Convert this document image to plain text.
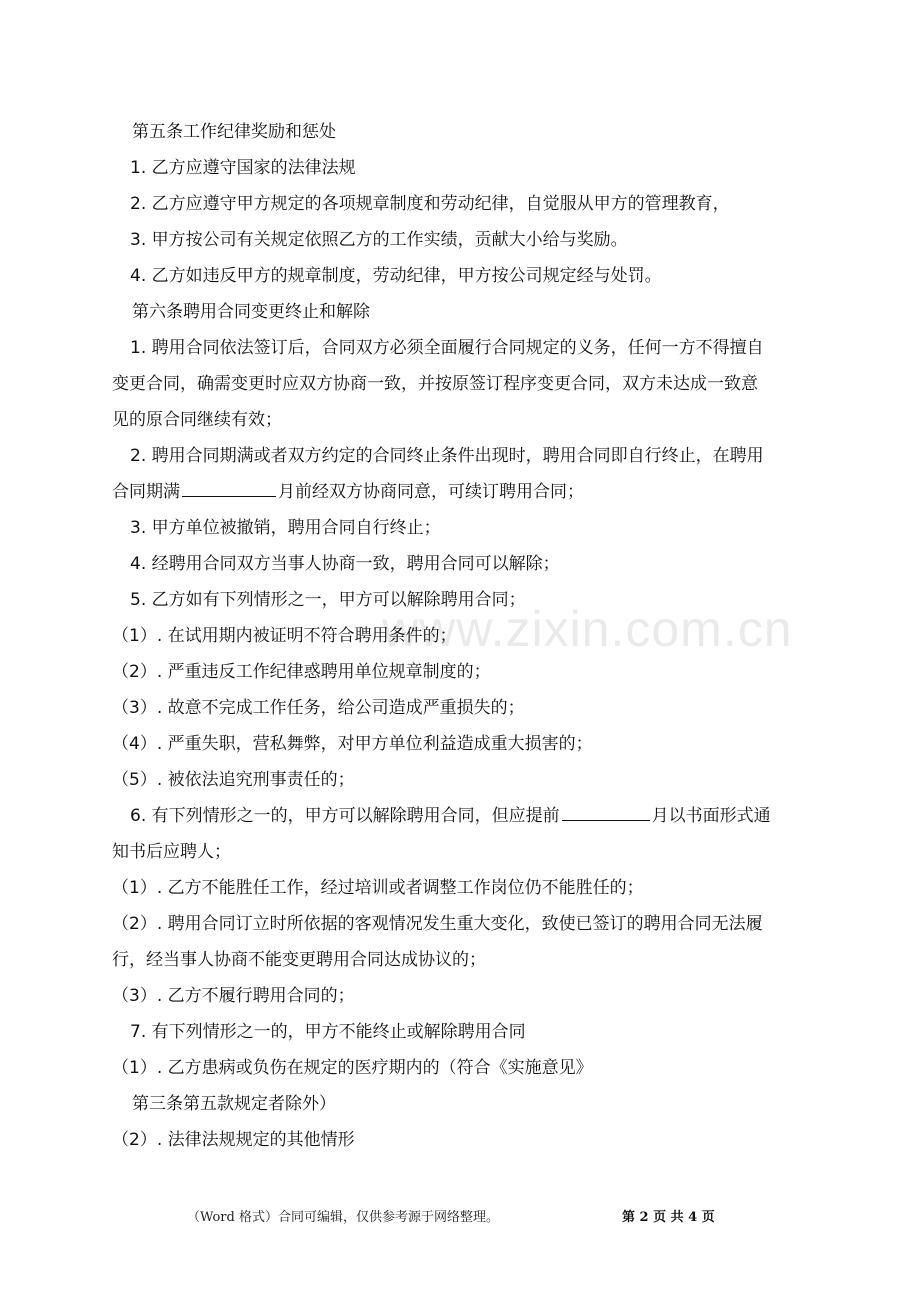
第五条工作纪律奖励和惩处
1. 乙方应遵守国家的法律法规
2. 乙方应遵守甲方规定的各项规章制度和劳动纪律，自觉服从甲方的管理教育，
3. 甲方按公司有关规定依照乙方的工作实绩，贡献大小给与奖励。
4. 乙方如违反甲方的规章制度，劳动纪律，甲方按公司规定经与处罚。
第六条聘用合同变更终止和解除
1. 聘用合同依法签订后，合同双方必须全面履行合同规定的义务，任何一方不得擅自
变更合同，确需变更时应双方协商一致，并按原签订程序变更合同，双方未达成一致意
见的原合同继续有效；
2. 聘用合同期满或者双方约定的合同终止条件出现时，聘用合同即自行终止，在聘用
合同期满	月前经双方协商同意，可续订聘用合同；
3. 甲方单位被撤销，聘用合同自行终止；
4. 经聘用合同双方当事人协商一致，聘用合同可以解除；
5. 乙方如有下列情形之一，甲方可以解除聘用合同；
（1）. 在试用期内被证明不符合聘用条件的；
（2）. 严重违反工作纪律惑聘用单位规章制度的；
（3）. 故意不完成工作任务，给公司造成严重损失的；
（4）. 严重失职，营私舞弊，对甲方单位利益造成重大损害的；
（5）. 被依法追究刑事责任的；
6. 有下列情形之一的，甲方可以解除聘用合同，但应提前	月以书面形式通
知书后应聘人；
（1）. 乙方不能胜任工作，经过培训或者调整工作岗位仍不能胜任的；
（2）. 聘用合同订立时所依据的客观情况发生重大变化，致使已签订的聘用合同无法履
行，经当事人协商不能变更聘用合同达成协议的；
（3）. 乙方不履行聘用合同的；
7. 有下列情形之一的，甲方不能终止或解除聘用合同
（1）. 乙方患病或负伤在规定的医疗期内的（符合《实施意见》
第三条第五款规定者除外）
（2）. 法律法规规定的其他情形
www.zixin.com.cn
（Word 格式）合同可编辑，仅供参考源于网络整理。	第 2 页 共 4 页
